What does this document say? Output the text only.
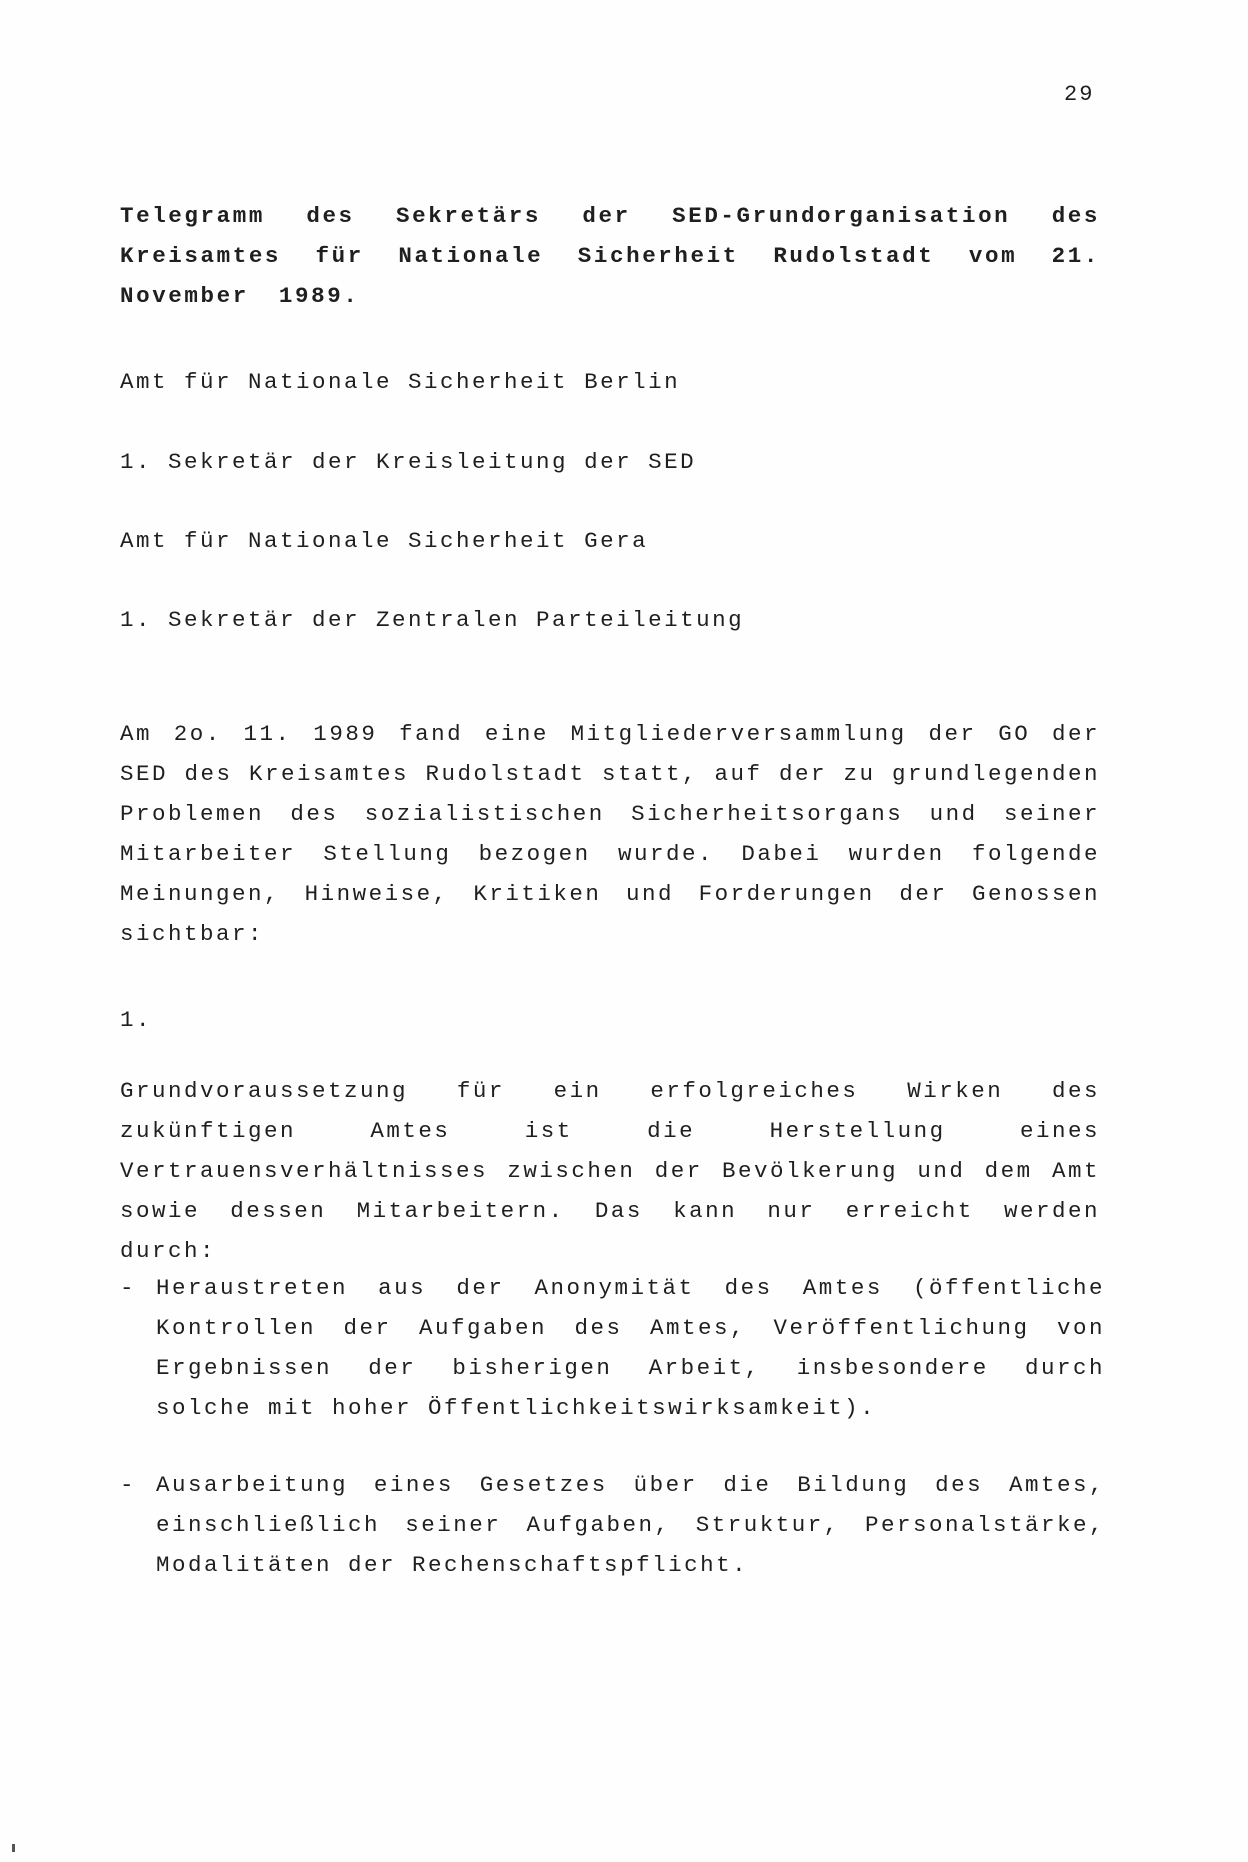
29
Telegramm des Sekretärs der SED-Grundorganisation des Kreisamtes für Nationale Sicherheit Rudolstadt vom 21. November 1989.
Amt für Nationale Sicherheit Berlin
1. Sekretär der Kreisleitung der SED
Amt für Nationale Sicherheit Gera
1. Sekretär der Zentralen Parteileitung
Am 2o. 11. 1989 fand eine Mitgliederversammlung der GO der SED des Kreisamtes Rudolstadt statt, auf der zu grundlegenden Problemen des sozialistischen Sicherheitsorgans und seiner Mitarbeiter Stellung bezogen wurde. Dabei wurden folgende Meinungen, Hinweise, Kritiken und Forderungen der Genossen sichtbar:
1.
Grundvoraussetzung für ein erfolgreiches Wirken des zukünftigen Amtes ist die Herstellung eines Vertrauensverhältnisses zwischen der Bevölkerung und dem Amt sowie dessen Mitarbeitern. Das kann nur erreicht werden durch:
- Heraustreten aus der Anonymität des Amtes (öffentliche Kontrollen der Aufgaben des Amtes, Veröffentlichung von Ergebnissen der bisherigen Arbeit, insbesondere durch solche mit hoher Öffentlichkeitswirksamkeit).
- Ausarbeitung eines Gesetzes über die Bildung des Amtes, einschließlich seiner Aufgaben, Struktur, Personalstärke, Modalitäten der Rechenschaftspflicht.
